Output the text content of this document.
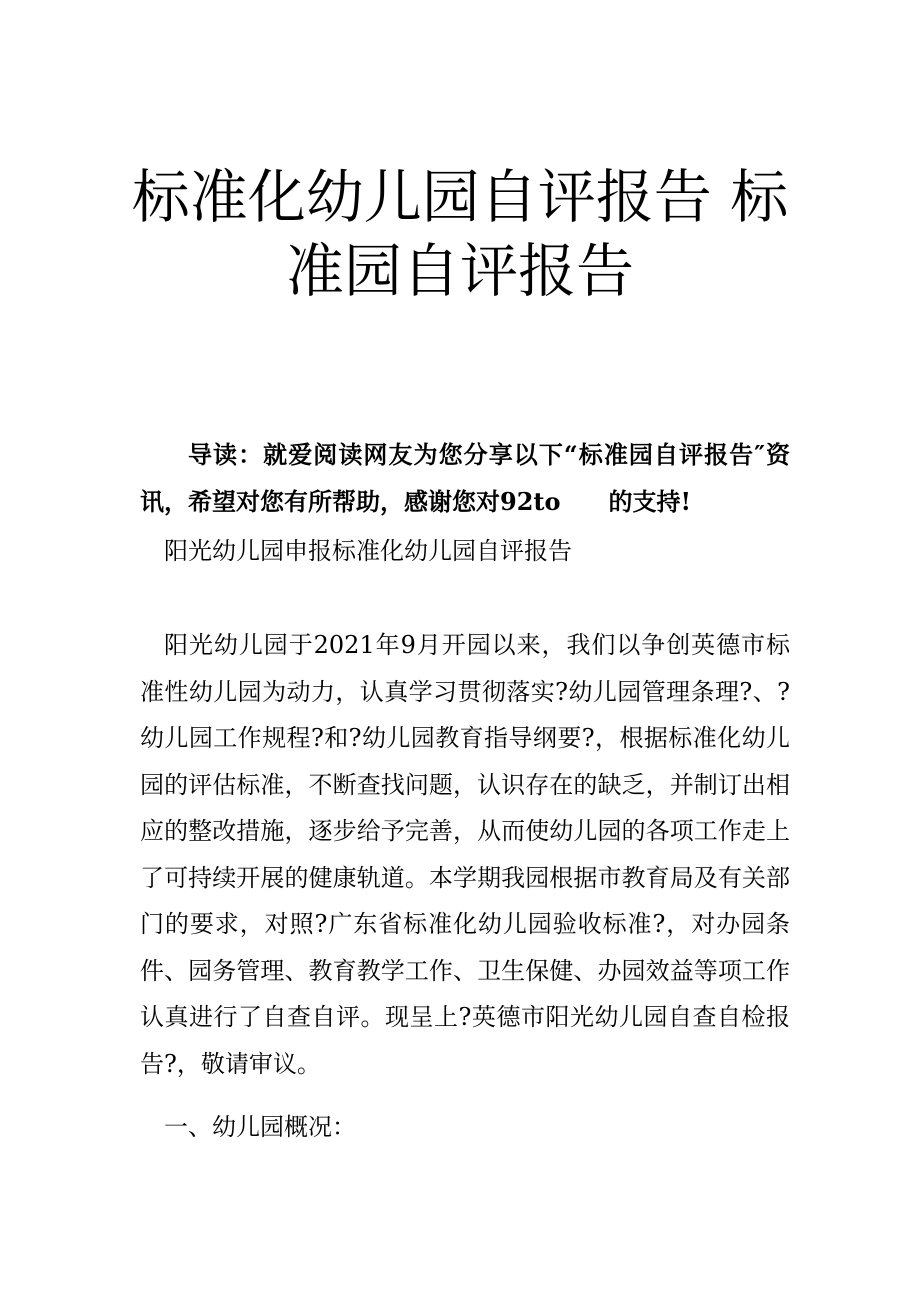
标准化幼儿园自评报告 标准园自评报告

导读：就爱阅读网友为您分享以下“标准园自评报告″资讯，希望对您有所帮助，感谢您对92to 的支持!

阳光幼儿园申报标准化幼儿园自评报告

阳光幼儿园于2021年9月开园以来，我们以争创英德市标准性幼儿园为动力，认真学习贯彻落实?幼儿园管理条理?、?幼儿园工作规程?和?幼儿园教育指导纲要?，根据标准化幼儿园的评估标准，不断查找问题，认识存在的缺乏，并制订出相应的整改措施，逐步给予完善，从而使幼儿园的各项工作走上了可持续开展的健康轨道。本学期我园根据市教育局及有关部门的要求，对照?广东省标准化幼儿园验收标准?，对办园条件、园务管理、教育教学工作、卫生保健、办园效益等项工作认真进行了自查自评。现呈上?英德市阳光幼儿园自查自检报告?，敬请审议。

一、幼儿园概况：
